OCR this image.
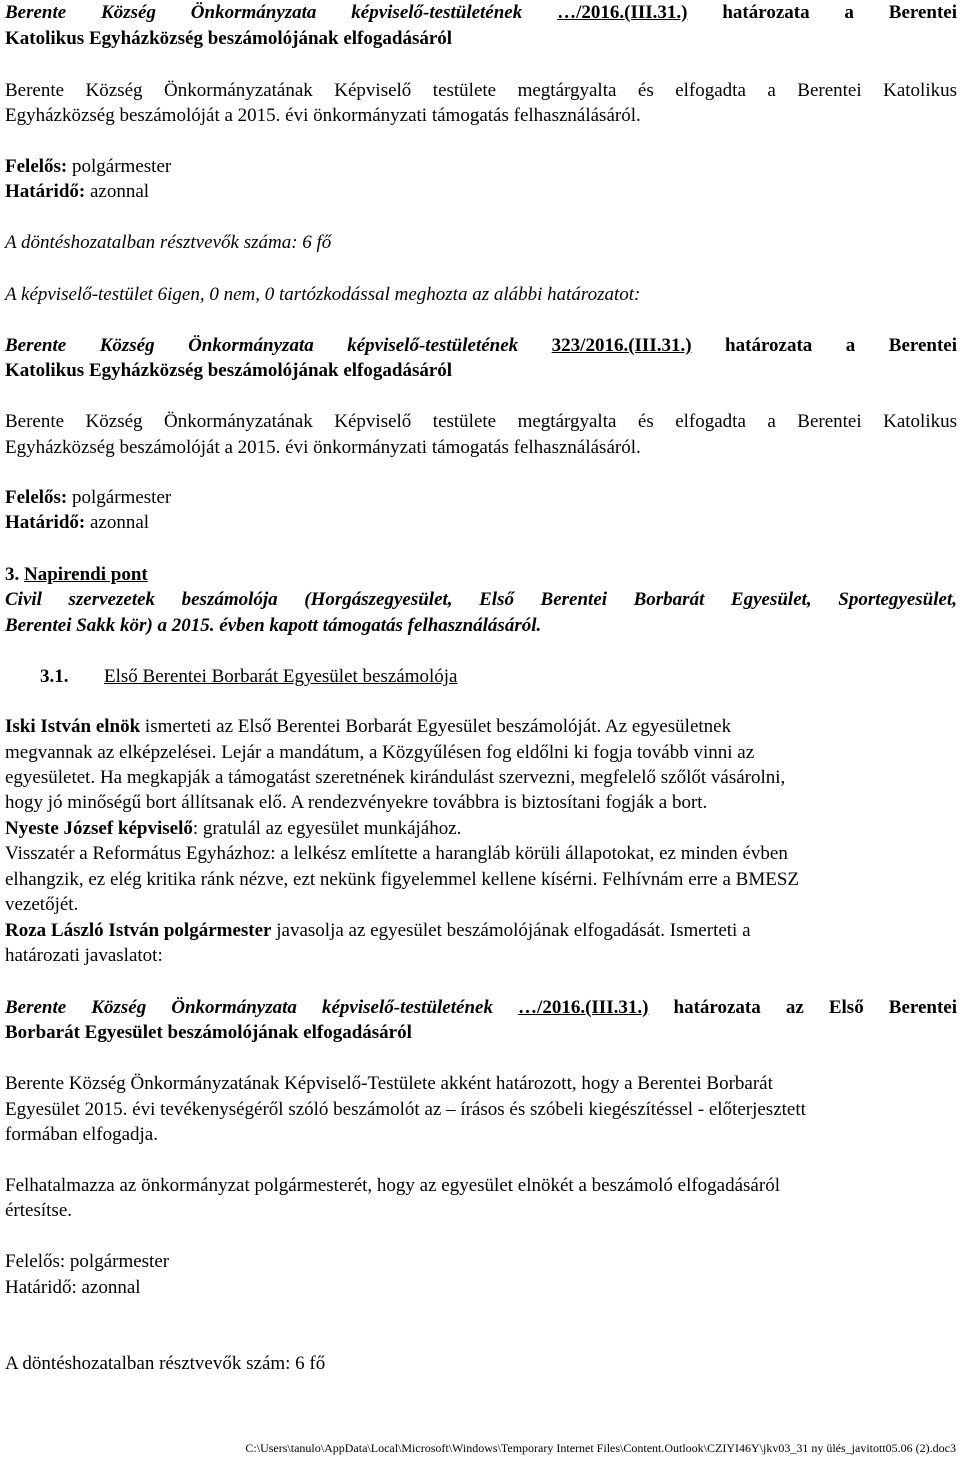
Berente Község Önkormányzata képviselő-testületének …/2016.(III.31.) határozata a Berentei
Katolikus Egyházközség beszámolójának elfogadásáról
Berente Község Önkormányzatának Képviselő testülete megtárgyalta és elfogadta a Berentei Katolikus
Egyházközség beszámolóját a 2015. évi önkormányzati támogatás felhasználásáról.
Felelős: polgármester
Határidő: azonnal
A döntéshozatalban résztvevők száma: 6 fő
A képviselő-testület 6igen, 0 nem, 0 tartózkodással meghozta az alábbi határozatot:
Berente Község Önkormányzata képviselő-testületének 323/2016.(III.31.) határozata a Berentei
Katolikus Egyházközség beszámolójának elfogadásáról
Berente Község Önkormányzatának Képviselő testülete megtárgyalta és elfogadta a Berentei Katolikus
Egyházközség beszámolóját a 2015. évi önkormányzati támogatás felhasználásáról.
Felelős: polgármester
Határidő: azonnal
3. Napirendi pont
Civil szervezetek beszámolója (Horgászegyesület, Első Berentei Borbarát Egyesület, Sportegyesület,
Berentei Sakk kör) a 2015. évben kapott támogatás felhasználásáról.
3.1.	Első Berentei Borbarát Egyesület beszámolója
Iski István elnök ismerteti az Első Berentei Borbarát Egyesület beszámolóját. Az egyesületnek
megvannak az elképzelései. Lejár a mandátum, a Közgyűlésen fog eldőlni ki fogja tovább vinni az
egyesületet. Ha megkapják a támogatást szeretnének kirándulást szervezni, megfelelő szőlőt vásárolni,
hogy jó minőségű bort állítsanak elő. A rendezvényekre továbbra is biztosítani fogják a bort.
Nyeste József képviselő: gratulál az egyesület munkájához.
Visszatér a Református Egyházhoz: a lelkész említette a harangláb körüli állapotokat, ez minden évben
elhangzik, ez elég kritika ránk nézve, ezt nekünk figyelemmel kellene kísérni. Felhívnám erre a BMESZ
vezetőjét.
Roza László István polgármester javasolja az egyesület beszámolójának elfogadását. Ismerteti a
határozati javaslatot:
Berente Község Önkormányzata képviselő-testületének …/2016.(III.31.) határozata az Első Berentei
Borbarát Egyesület beszámolójának elfogadásáról
Berente Község Önkormányzatának Képviselő-Testülete akként határozott, hogy a Berentei Borbarát
Egyesület 2015. évi tevékenységéről szóló beszámolót az – írásos és szóbeli kiegészítéssel - előterjesztett
formában elfogadja.
Felhatalmazza az önkormányzat polgármesterét, hogy az egyesület elnökét a beszámoló elfogadásáról
értesítse.
Felelős: polgármester
Határidő: azonnal
A döntéshozatalban résztvevők szám: 6 fő
C:\Users\tanulo\AppData\Local\Microsoft\Windows\Temporary Internet Files\Content.Outlook\CZIYI46Y\jkv03_31 ny ülés_javitott05.06 (2).doc3
